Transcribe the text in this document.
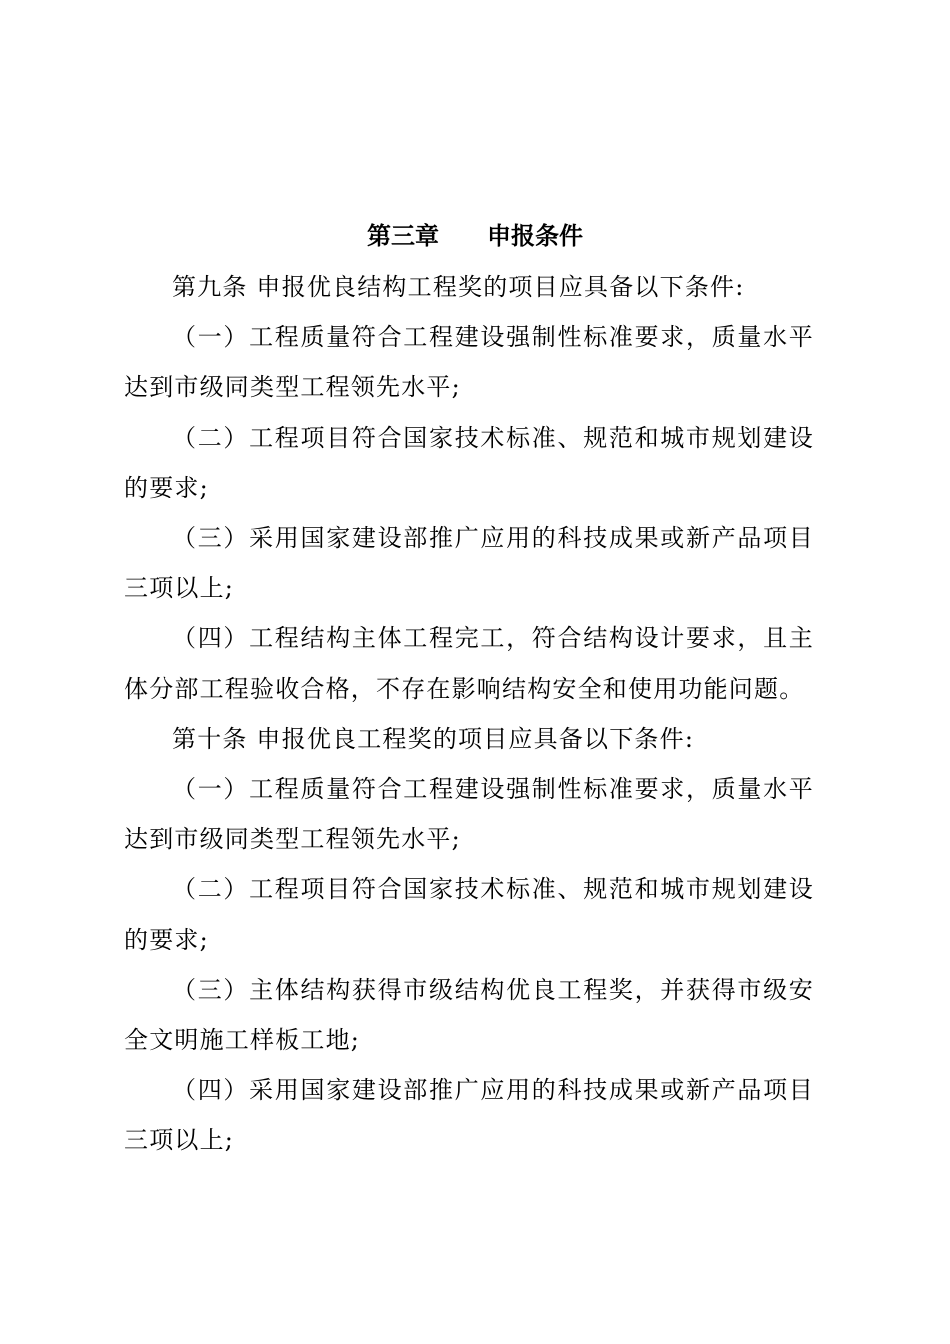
第三章　　申报条件

第九条 申报优良结构工程奖的项目应具备以下条件:

（一）工程质量符合工程建设强制性标准要求，质量水平达到市级同类型工程领先水平;

（二）工程项目符合国家技术标准、规范和城市规划建设的要求;

（三）采用国家建设部推广应用的科技成果或新产品项目三项以上;

（四）工程结构主体工程完工，符合结构设计要求，且主体分部工程验收合格，不存在影响结构安全和使用功能问题。

第十条 申报优良工程奖的项目应具备以下条件:

（一）工程质量符合工程建设强制性标准要求，质量水平达到市级同类型工程领先水平;

（二）工程项目符合国家技术标准、规范和城市规划建设的要求;

（三）主体结构获得市级结构优良工程奖，并获得市级安全文明施工样板工地;

（四）采用国家建设部推广应用的科技成果或新产品项目三项以上;
